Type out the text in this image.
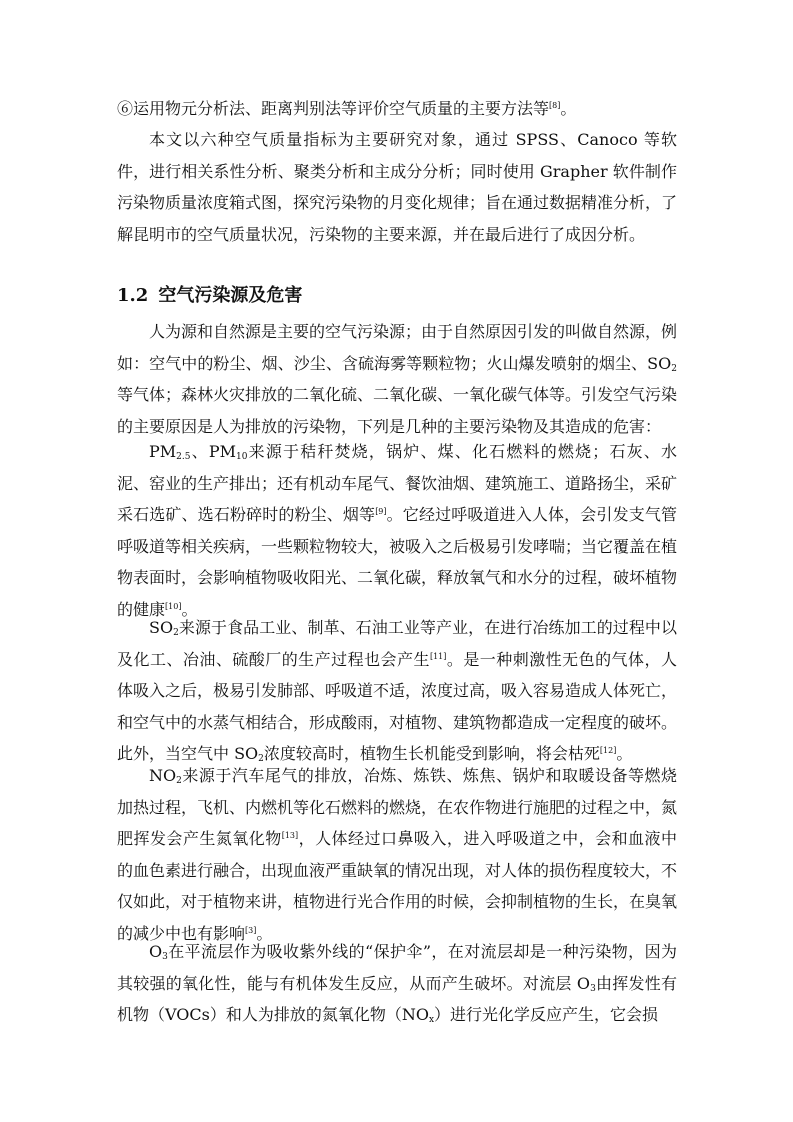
⑥运用物元分析法、距离判别法等评价空气质量的主要方法等[8]。

本文以六种空气质量指标为主要研究对象，通过 SPSS、Canoco 等软件，进行相关系性分析、聚类分析和主成分分析；同时使用 Grapher 软件制作污染物质量浓度箱式图，探究污染物的月变化规律；旨在通过数据精准分析，了解昆明市的空气质量状况，污染物的主要来源，并在最后进行了成因分析。

1.2 空气污染源及危害

人为源和自然源是主要的空气污染源；由于自然原因引发的叫做自然源，例如：空气中的粉尘、烟、沙尘、含硫海雾等颗粒物；火山爆发喷射的烟尘、$SO_2$等气体；森林火灾排放的二氧化硫、二氧化碳、一氧化碳气体等。引发空气污染的主要原因是人为排放的污染物，下列是几种的主要污染物及其造成的危害：

$PM_{2.5}$、$PM_{10}$来源于秸秆焚烧，锅炉、煤、化石燃料的燃烧；石灰、水泥、窑业的生产排出；还有机动车尾气、餐饮油烟、建筑施工、道路扬尘，采矿采石选矿、选石粉碎时的粉尘、烟等[9]。它经过呼吸道进入人体，会引发支气管呼吸道等相关疾病，一些颗粒物较大，被吸入之后极易引发哮喘；当它覆盖在植物表面时，会影响植物吸收阳光、二氧化碳，释放氧气和水分的过程，破坏植物的健康[10]。

$SO_2$来源于食品工业、制革、石油工业等产业，在进行冶练加工的过程中以及化工、冶油、硫酸厂的生产过程也会产生[11]。是一种刺激性无色的气体，人体吸入之后，极易引发肺部、呼吸道不适，浓度过高，吸入容易造成人体死亡，和空气中的水蒸气相结合，形成酸雨，对植物、建筑物都造成一定程度的破坏。此外，当空气中 $SO_2$浓度较高时，植物生长机能受到影响，将会枯死[12]。

$NO_2$来源于汽车尾气的排放，冶炼、炼铁、炼焦、锅炉和取暖设备等燃烧加热过程，飞机、内燃机等化石燃料的燃烧，在农作物进行施肥的过程之中，氮肥挥发会产生氮氧化物[13]，人体经过口鼻吸入，进入呼吸道之中，会和血液中的血色素进行融合，出现血液严重缺氧的情况出现，对人体的损伤程度较大，不仅如此，对于植物来讲，植物进行光合作用的时候，会抑制植物的生长，在臭氧的减少中也有影响[3]。

$O_3$在平流层作为吸收紫外线的“保护伞”，在对流层却是一种污染物，因为其较强的氧化性，能与有机体发生反应，从而产生破坏。对流层 $O_3$由挥发性有机物（VOCs）和人为排放的氮氧化物$(NO_x)$进行光化学反应产生，它会损
